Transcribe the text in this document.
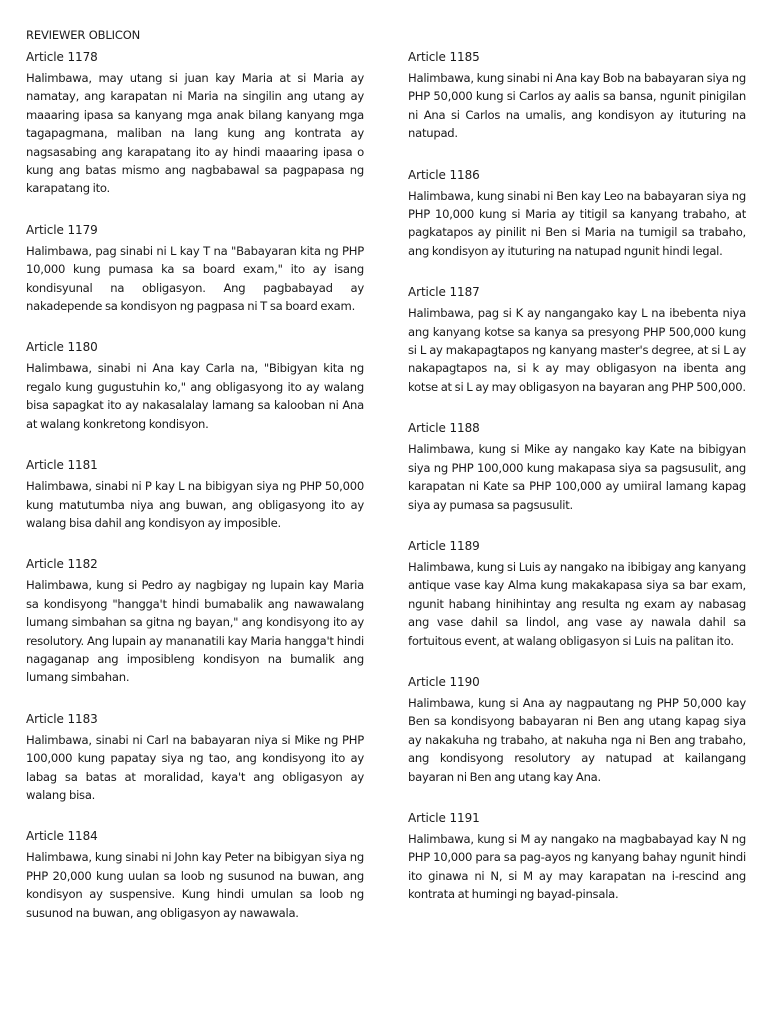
REVIEWER OBLICON
Article 1178

Halimbawa, may utang si juan kay Maria at si Maria ay namatay, ang karapatan ni Maria na singilin ang utang ay maaaring ipasa sa kanyang mga anak bilang kanyang mga tagapagmana, maliban na lang kung ang kontrata ay nagsasabing ang karapatang ito ay hindi maaaring ipasa o kung ang batas mismo ang nagbabawal sa pagpapasa ng karapatang ito.

Article 1179

Halimbawa, pag sinabi ni L kay T na "Babayaran kita ng PHP 10,000 kung pumasa ka sa board exam," ito ay isang kondisyunal na obligasyon. Ang pagbabayad ay nakadepende sa kondisyon ng pagpasa ni T sa board exam.

Article 1180

Halimbawa, sinabi ni Ana kay Carla na, "Bibigyan kita ng regalo kung gugustuhin ko," ang obligasyong ito ay walang bisa sapagkat ito ay nakasalalay lamang sa kalooban ni Ana at walang konkretong kondisyon.

Article 1181

Halimbawa, sinabi ni P kay L na bibigyan siya ng PHP 50,000 kung matutumba niya ang buwan, ang obligasyong ito ay walang bisa dahil ang kondisyon ay imposible.

Article 1182

Halimbawa, kung si Pedro ay nagbigay ng lupain kay Maria sa kondisyong "hangga't hindi bumabalik ang nawawalang lumang simbahan sa gitna ng bayan," ang kondisyong ito ay resolutory. Ang lupain ay mananatili kay Maria hangga't hindi nagaganap ang imposibleng kondisyon na bumalik ang lumang simbahan.

Article 1183

Halimbawa, sinabi ni Carl na babayaran niya si Mike ng PHP 100,000 kung papatay siya ng tao, ang kondisyong ito ay labag sa batas at moralidad, kaya't ang obligasyon ay walang bisa.

Article 1184

Halimbawa, kung sinabi ni John kay Peter na bibigyan siya ng PHP 20,000 kung uulan sa loob ng susunod na buwan, ang kondisyon ay suspensive. Kung hindi umulan sa loob ng susunod na buwan, ang obligasyon ay nawawala.

Article 1185

Halimbawa, kung sinabi ni Ana kay Bob na babayaran siya ng PHP 50,000 kung si Carlos ay aalis sa bansa, ngunit pinigilan ni Ana si Carlos na umalis, ang kondisyon ay ituturing na natupad.

Article 1186

Halimbawa, kung sinabi ni Ben kay Leo na babayaran siya ng PHP 10,000 kung si Maria ay titigil sa kanyang trabaho, at pagkatapos ay pinilit ni Ben si Maria na tumigil sa trabaho, ang kondisyon ay ituturing na natupad ngunit hindi legal.

Article 1187

Halimbawa, pag si K ay nangangako kay L na ibebenta niya ang kanyang kotse sa kanya sa presyong PHP 500,000 kung si L ay makapagtapos ng kanyang master's degree, at si L ay nakapagtapos na, si k ay may obligasyon na ibenta ang kotse at si L ay may obligasyon na bayaran ang PHP 500,000.

Article 1188

Halimbawa, kung si Mike ay nangako kay Kate na bibigyan siya ng PHP 100,000 kung makapasa siya sa pagsusulit, ang karapatan ni Kate sa PHP 100,000 ay umiiral lamang kapag siya ay pumasa sa pagsusulit.

Article 1189

Halimbawa, kung si Luis ay nangako na ibibigay ang kanyang antique vase kay Alma kung makakapasa siya sa bar exam, ngunit habang hinihintay ang resulta ng exam ay nabasag ang vase dahil sa lindol, ang vase ay nawala dahil sa fortuitous event, at walang obligasyon si Luis na palitan ito.

Article 1190

Halimbawa, kung si Ana ay nagpautang ng PHP 50,000 kay Ben sa kondisyong babayaran ni Ben ang utang kapag siya ay nakakuha ng trabaho, at nakuha nga ni Ben ang trabaho, ang kondisyong resolutory ay natupad at kailangang bayaran ni Ben ang utang kay Ana.

Article 1191

Halimbawa, kung si M ay nangako na magbabayad kay N ng PHP 10,000 para sa pag-ayos ng kanyang bahay ngunit hindi ito ginawa ni N, si M ay may karapatan na i-rescind ang kontrata at humingi ng bayad-pinsala.
